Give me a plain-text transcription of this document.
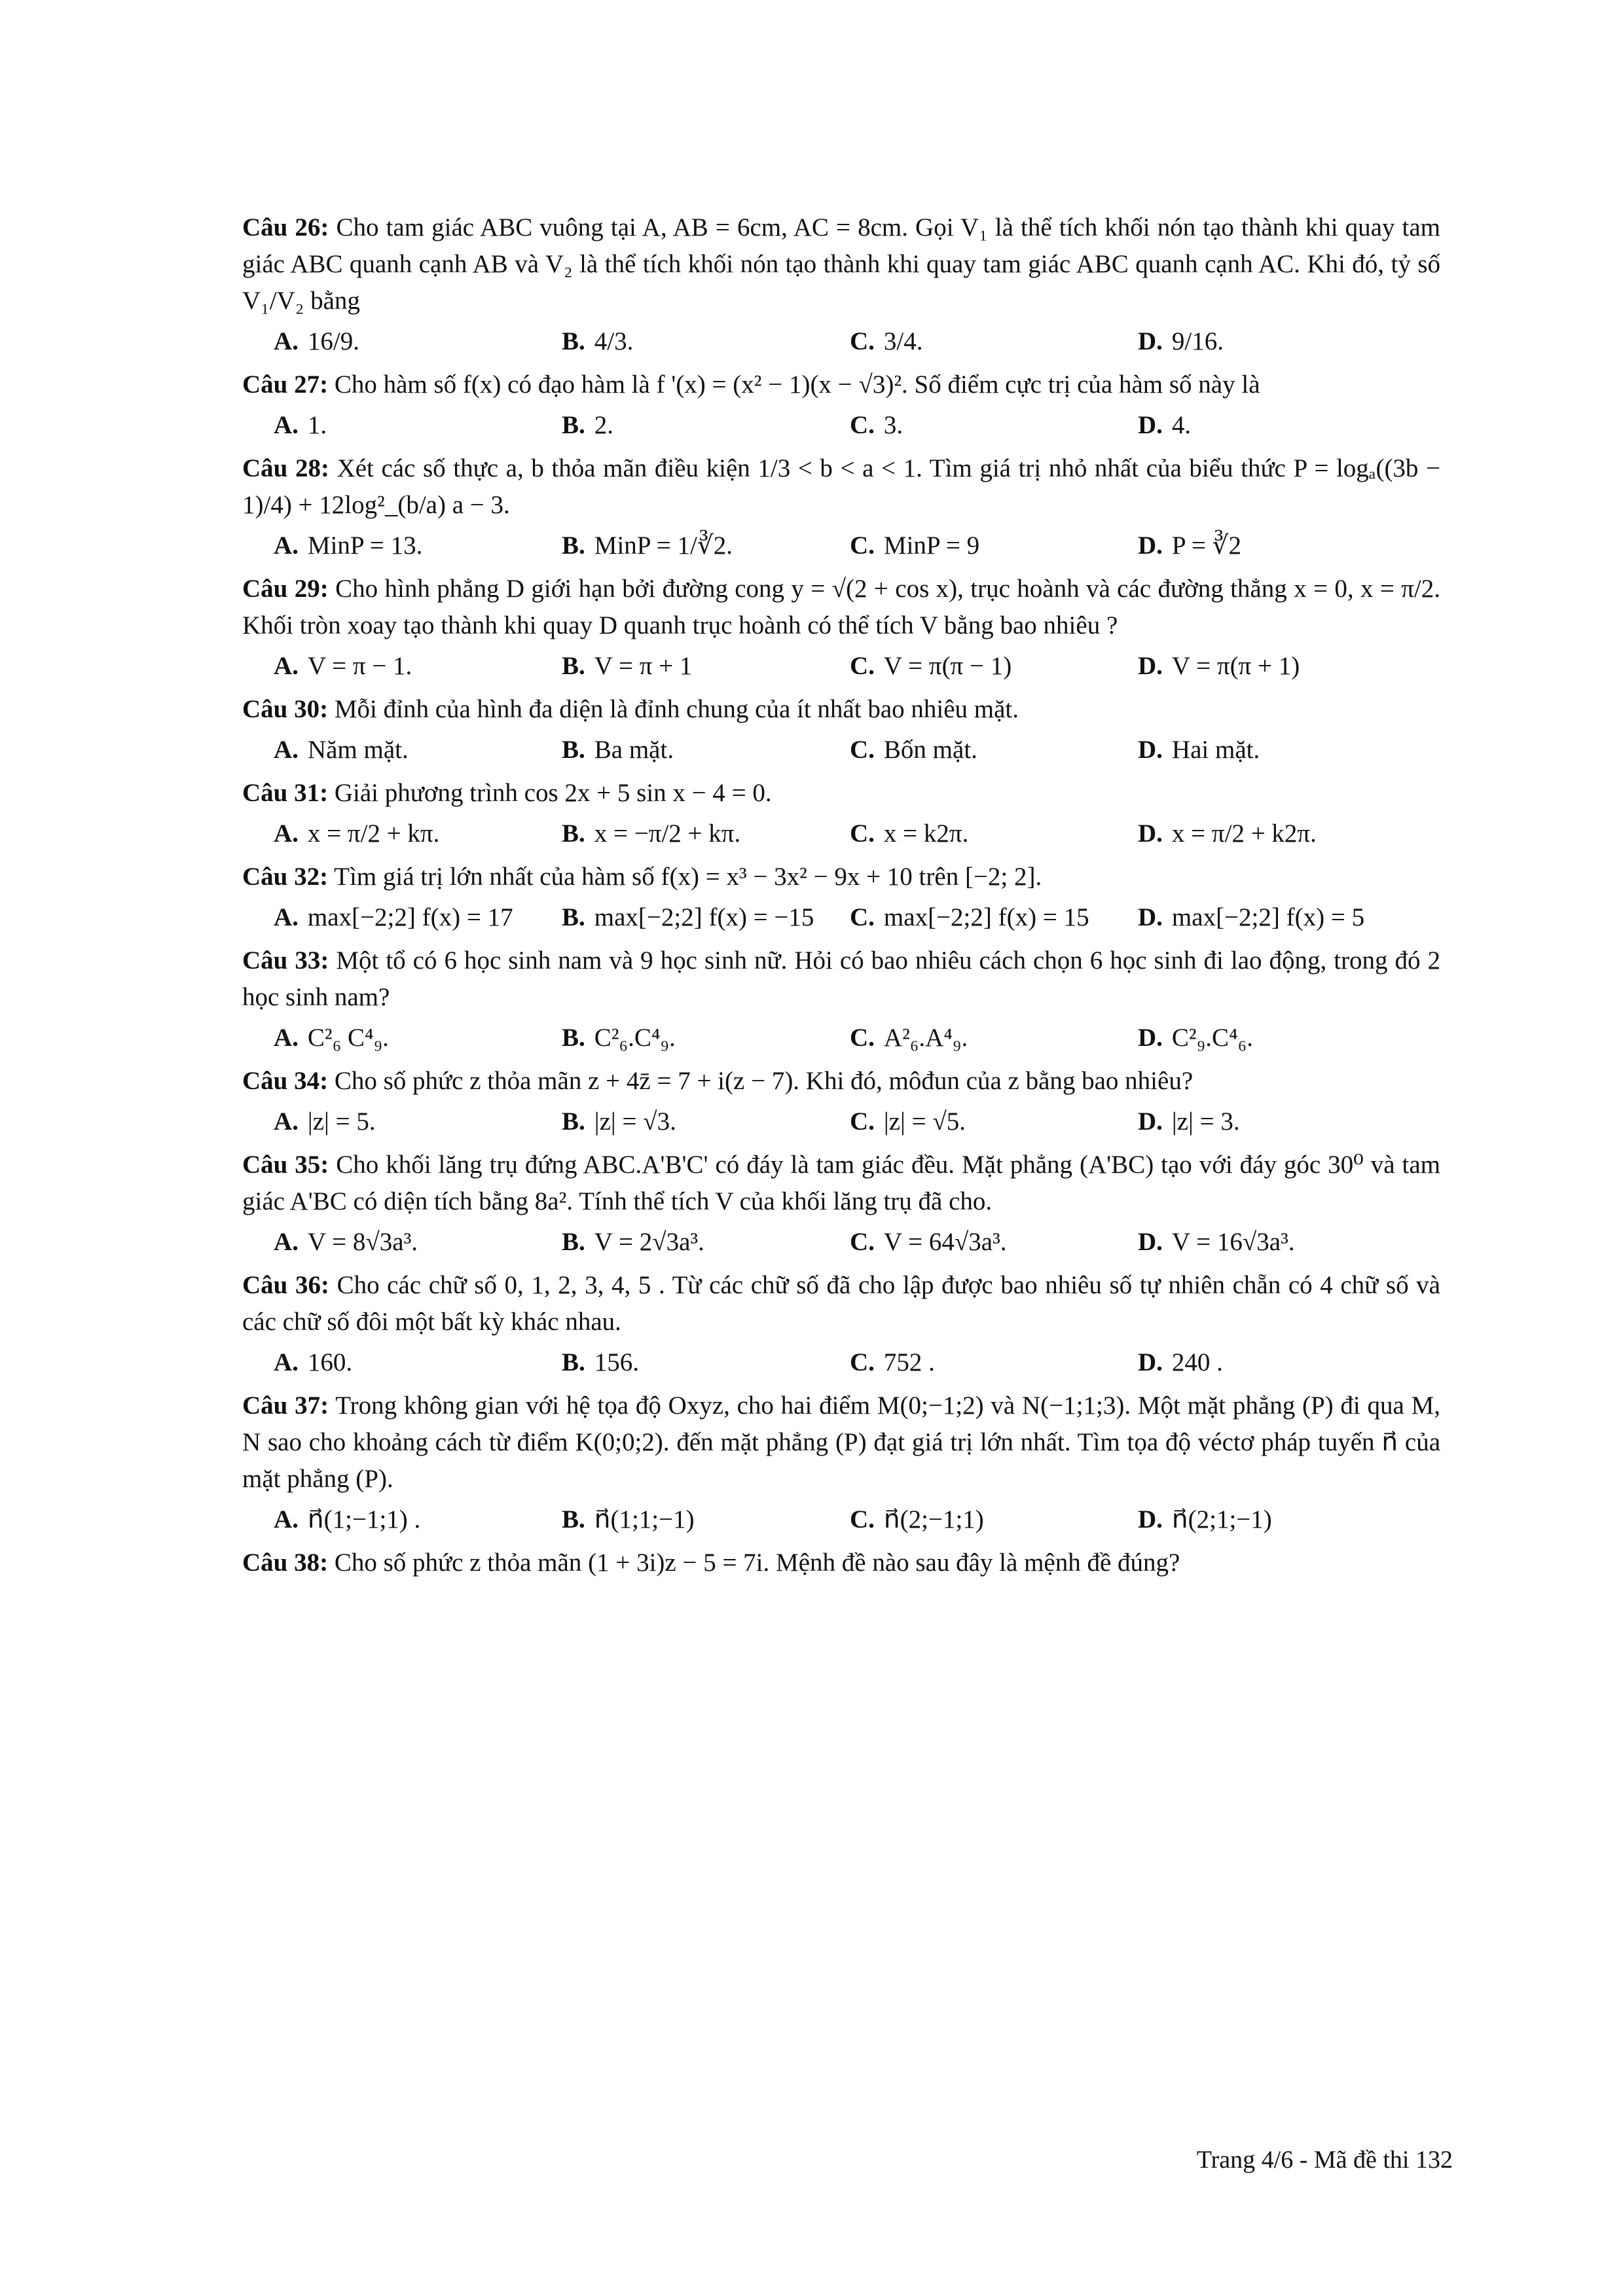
Câu 26: Cho tam giác ABC vuông tại A, AB = 6cm, AC = 8cm. Gọi V₁ là thể tích khối nón tạo thành khi quay tam giác ABC quanh cạnh AB và V₂ là thể tích khối nón tạo thành khi quay tam giác ABC quanh cạnh AC. Khi đó, tỷ số V₁/V₂ bằng
A. 16/9.	B. 4/3.	C. 3/4.	D. 9/16.
Câu 27: Cho hàm số f(x) có đạo hàm là f '(x) = (x² − 1)(x − √3)². Số điểm cực trị của hàm số này là
A. 1.	B. 2.	C. 3.	D. 4.
Câu 28: Xét các số thực a, b thỏa mãn điều kiện 1/3 < b < a < 1. Tìm giá trị nhỏ nhất của biểu thức P = logₐ((3b − 1)/4) + 12log²_(b/a) a − 3.
A. MinP = 13.	B. MinP = 1/∛2.	C. MinP = 9	D. P = ∛2
Câu 29: Cho hình phẳng D giới hạn bởi đường cong y = √(2 + cos x), trục hoành và các đường thẳng x = 0, x = π/2. Khối tròn xoay tạo thành khi quay D quanh trục hoành có thể tích V bằng bao nhiêu ?
A. V = π − 1.	B. V = π + 1	C. V = π(π − 1)	D. V = π(π + 1)
Câu 30: Mỗi đỉnh của hình đa diện là đỉnh chung của ít nhất bao nhiêu mặt.
A. Năm mặt.	B. Ba mặt.	C. Bốn mặt.	D. Hai mặt.
Câu 31: Giải phương trình cos 2x + 5 sin x − 4 = 0.
A. x = π/2 + kπ.	B. x = −π/2 + kπ.	C. x = k2π.	D. x = π/2 + k2π.
Câu 32: Tìm giá trị lớn nhất của hàm số f(x) = x³ − 3x² − 9x + 10 trên [−2; 2].
A. max[−2;2] f(x) = 17 B. max[−2;2] f(x) = −15 C. max[−2;2] f(x) = 15 D. max[−2;2] f(x) = 5
Câu 33: Một tổ có 6 học sinh nam và 9 học sinh nữ. Hỏi có bao nhiêu cách chọn 6 học sinh đi lao động, trong đó 2 học sinh nam?
A. C²₆ C⁴₉.	B. C²₆.C⁴₉.	C. A²₆.A⁴₉.	D. C²₉.C⁴₆.
Câu 34: Cho số phức z thỏa mãn z + 4z̄ = 7 + i(z − 7). Khi đó, môđun của z bằng bao nhiêu?
A. |z| = 5.	B. |z| = √3.	C. |z| = √5.	D. |z| = 3.
Câu 35: Cho khối lăng trụ đứng ABC.A'B'C' có đáy là tam giác đều. Mặt phẳng (A'BC) tạo với đáy góc 30⁰ và tam giác A'BC có diện tích bằng 8a². Tính thể tích V của khối lăng trụ đã cho.
A. V = 8√3a³.	B. V = 2√3a³.	C. V = 64√3a³.	D. V = 16√3a³.
Câu 36: Cho các chữ số 0, 1, 2, 3, 4, 5 . Từ các chữ số đã cho lập được bao nhiêu số tự nhiên chẵn có 4 chữ số và các chữ số đôi một bất kỳ khác nhau.
A. 160.	B. 156.	C. 752 .	D. 240 .
Câu 37: Trong không gian với hệ tọa độ Oxyz, cho hai điểm M(0;−1;2) và N(−1;1;3). Một mặt phẳng (P) đi qua M, N sao cho khoảng cách từ điểm K(0;0;2). đến mặt phẳng (P) đạt giá trị lớn nhất. Tìm tọa độ véctơ pháp tuyến n⃗ của mặt phẳng (P).
A. n⃗(1;−1;1) .	B. n⃗(1;1;−1)	C. n⃗(2;−1;1)	D. n⃗(2;1;−1)
Câu 38: Cho số phức z thỏa mãn (1 + 3i)z − 5 = 7i. Mệnh đề nào sau đây là mệnh đề đúng?
Trang 4/6 - Mã đề thi 132
